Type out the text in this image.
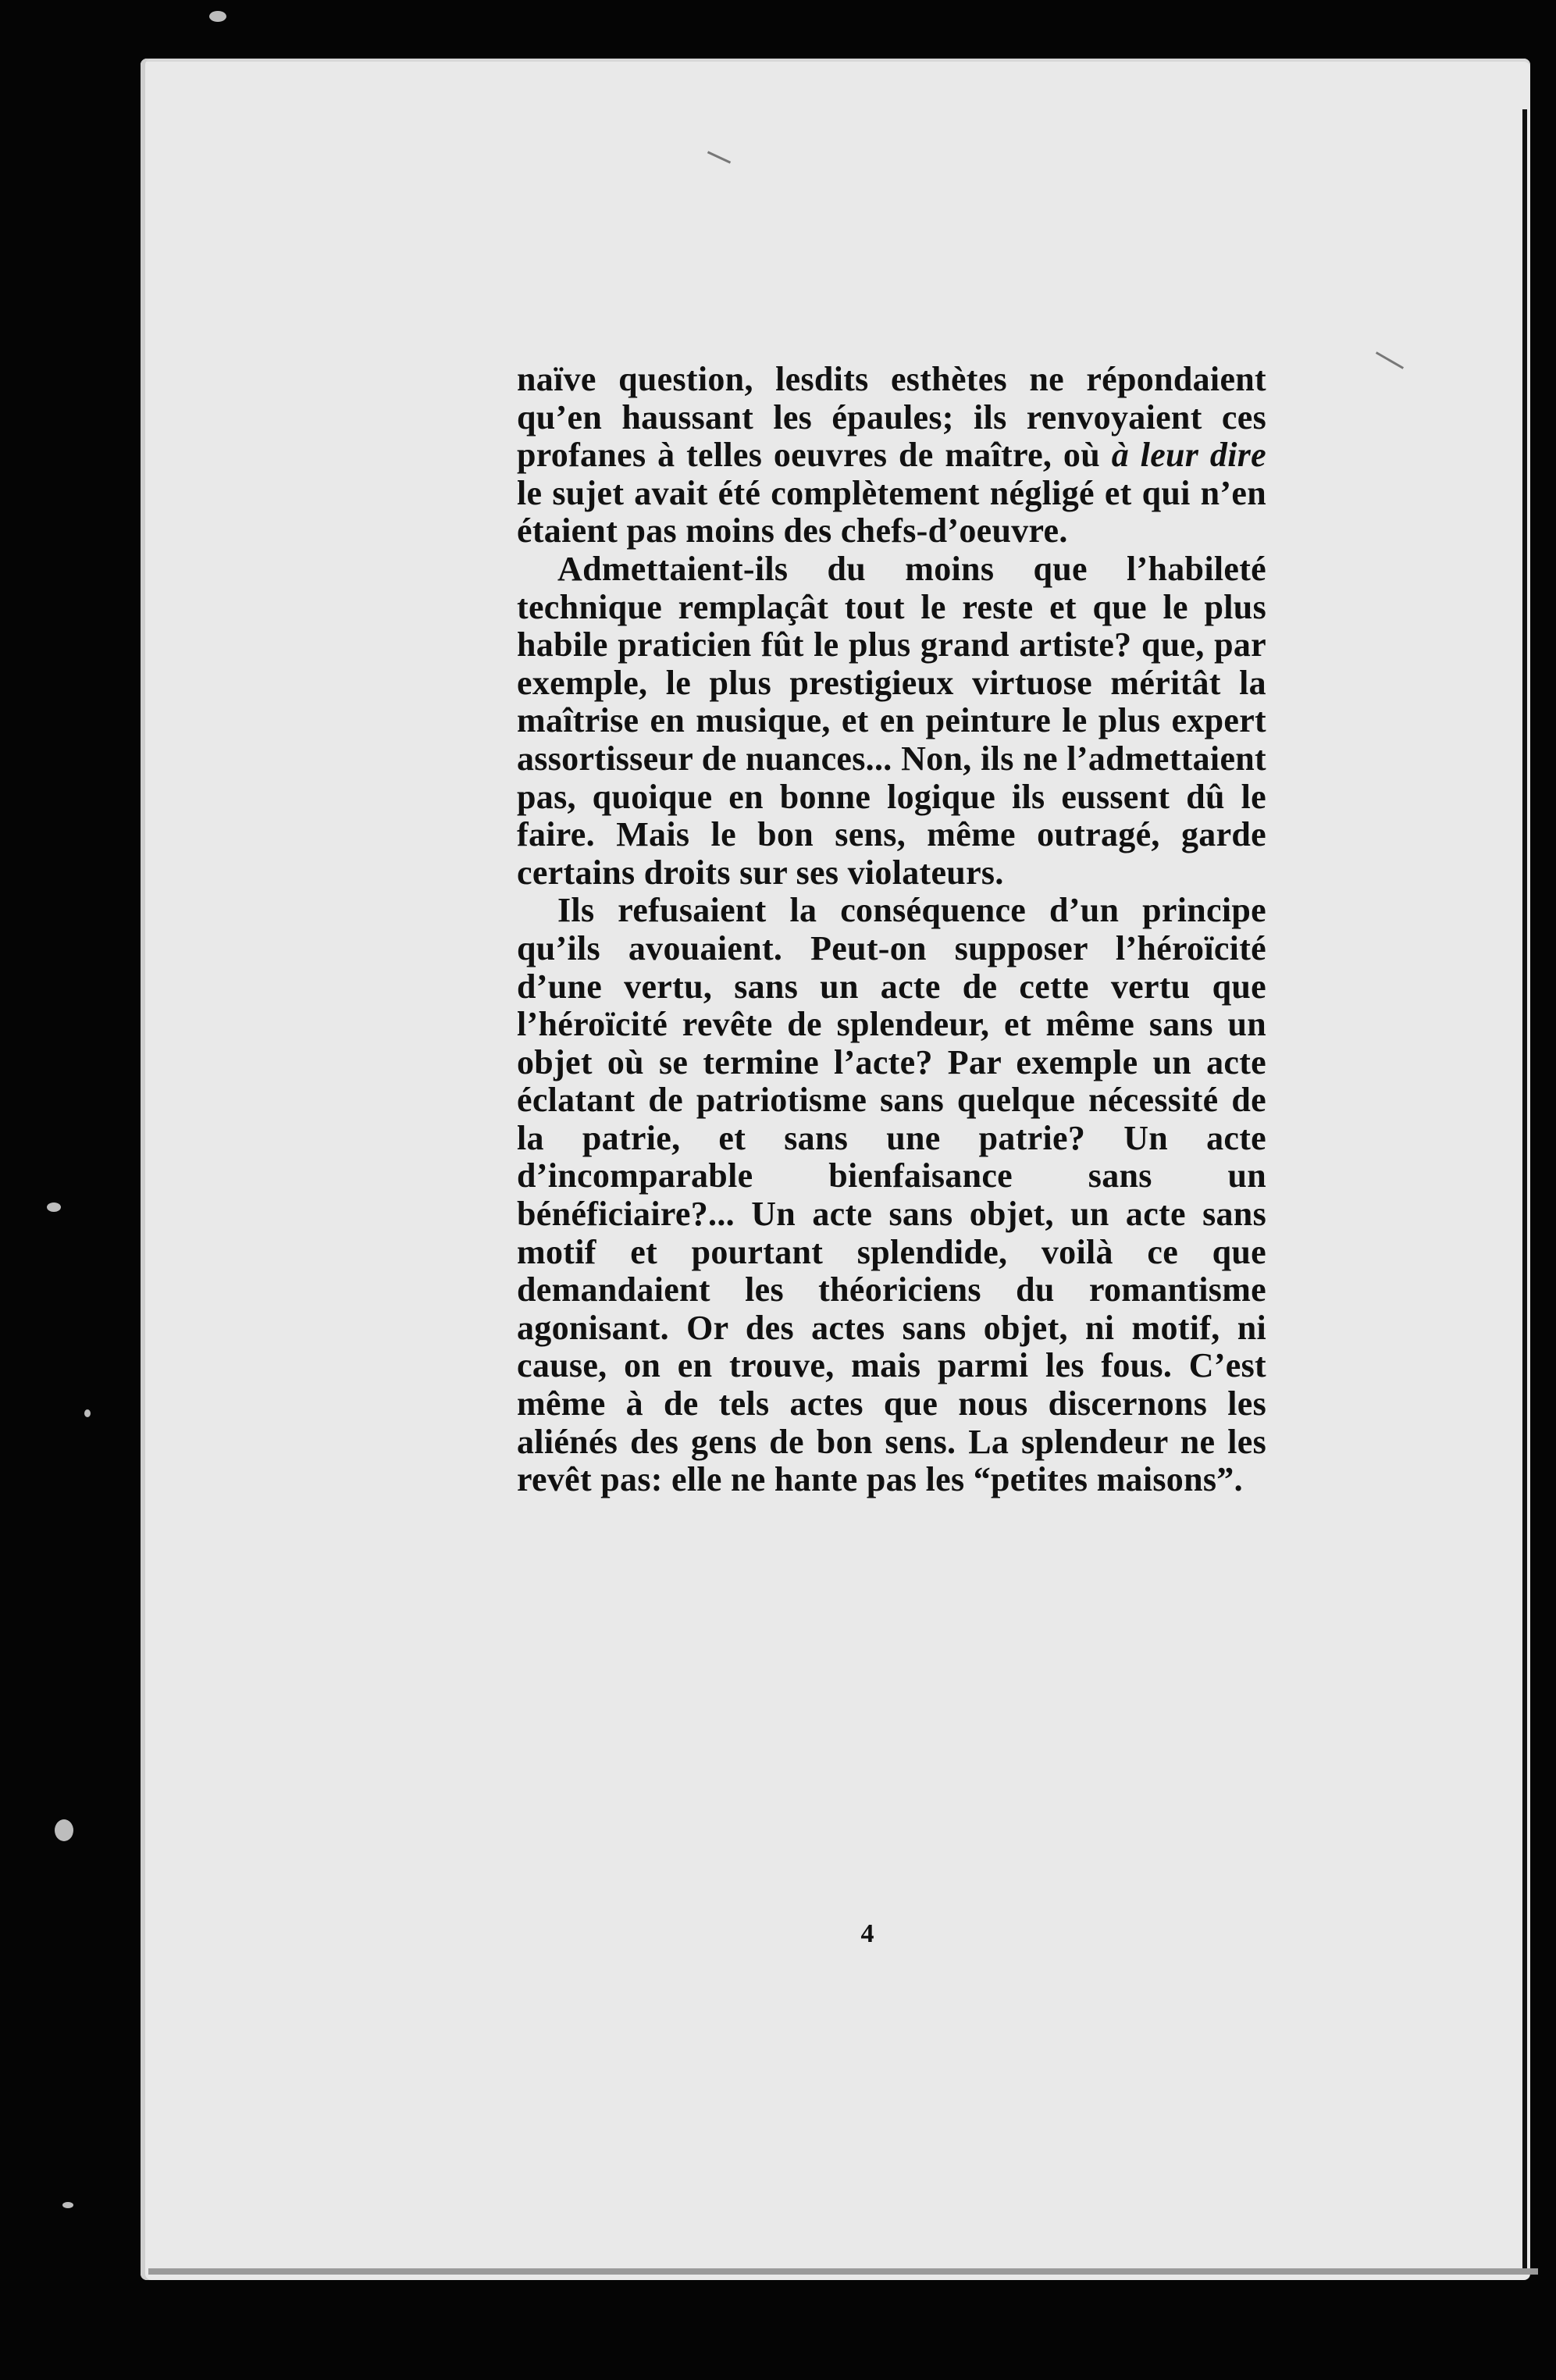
naïve question, lesdits esthètes ne répondaient qu’en haussant les épaules; ils renvoyaient ces profanes à telles oeuvres de maître, où à leur dire le sujet avait été complètement négligé et qui n’en étaient pas moins des chefs-d’oeuvre.

Admettaient-ils du moins que l’habileté technique remplaçât tout le reste et que le plus habile praticien fût le plus grand artiste? que, par exemple, le plus prestigieux virtuose méritât la maîtrise en musique, et en peinture le plus expert assortisseur de nuances... Non, ils ne l’admettaient pas, quoique en bonne logique ils eussent dû le faire. Mais le bon sens, même outragé, garde certains droits sur ses violateurs.

Ils refusaient la conséquence d’un principe qu’ils avouaient. Peut-on supposer l’héroïcité d’une vertu, sans un acte de cette vertu que l’héroïcité revête de splendeur, et même sans un objet où se termine l’acte? Par exemple un acte éclatant de patriotisme sans quelque nécessité de la patrie, et sans une patrie? Un acte d’incomparable bienfaisance sans un bénéficiaire?... Un acte sans objet, un acte sans motif et pourtant splendide, voilà ce que demandaient les théoriciens du romantisme agonisant. Or des actes sans objet, ni motif, ni cause, on en trouve, mais parmi les fous. C’est même à de tels actes que nous discernons les aliénés des gens de bon sens. La splendeur ne les revêt pas: elle ne hante pas les “petites maisons”.

4
